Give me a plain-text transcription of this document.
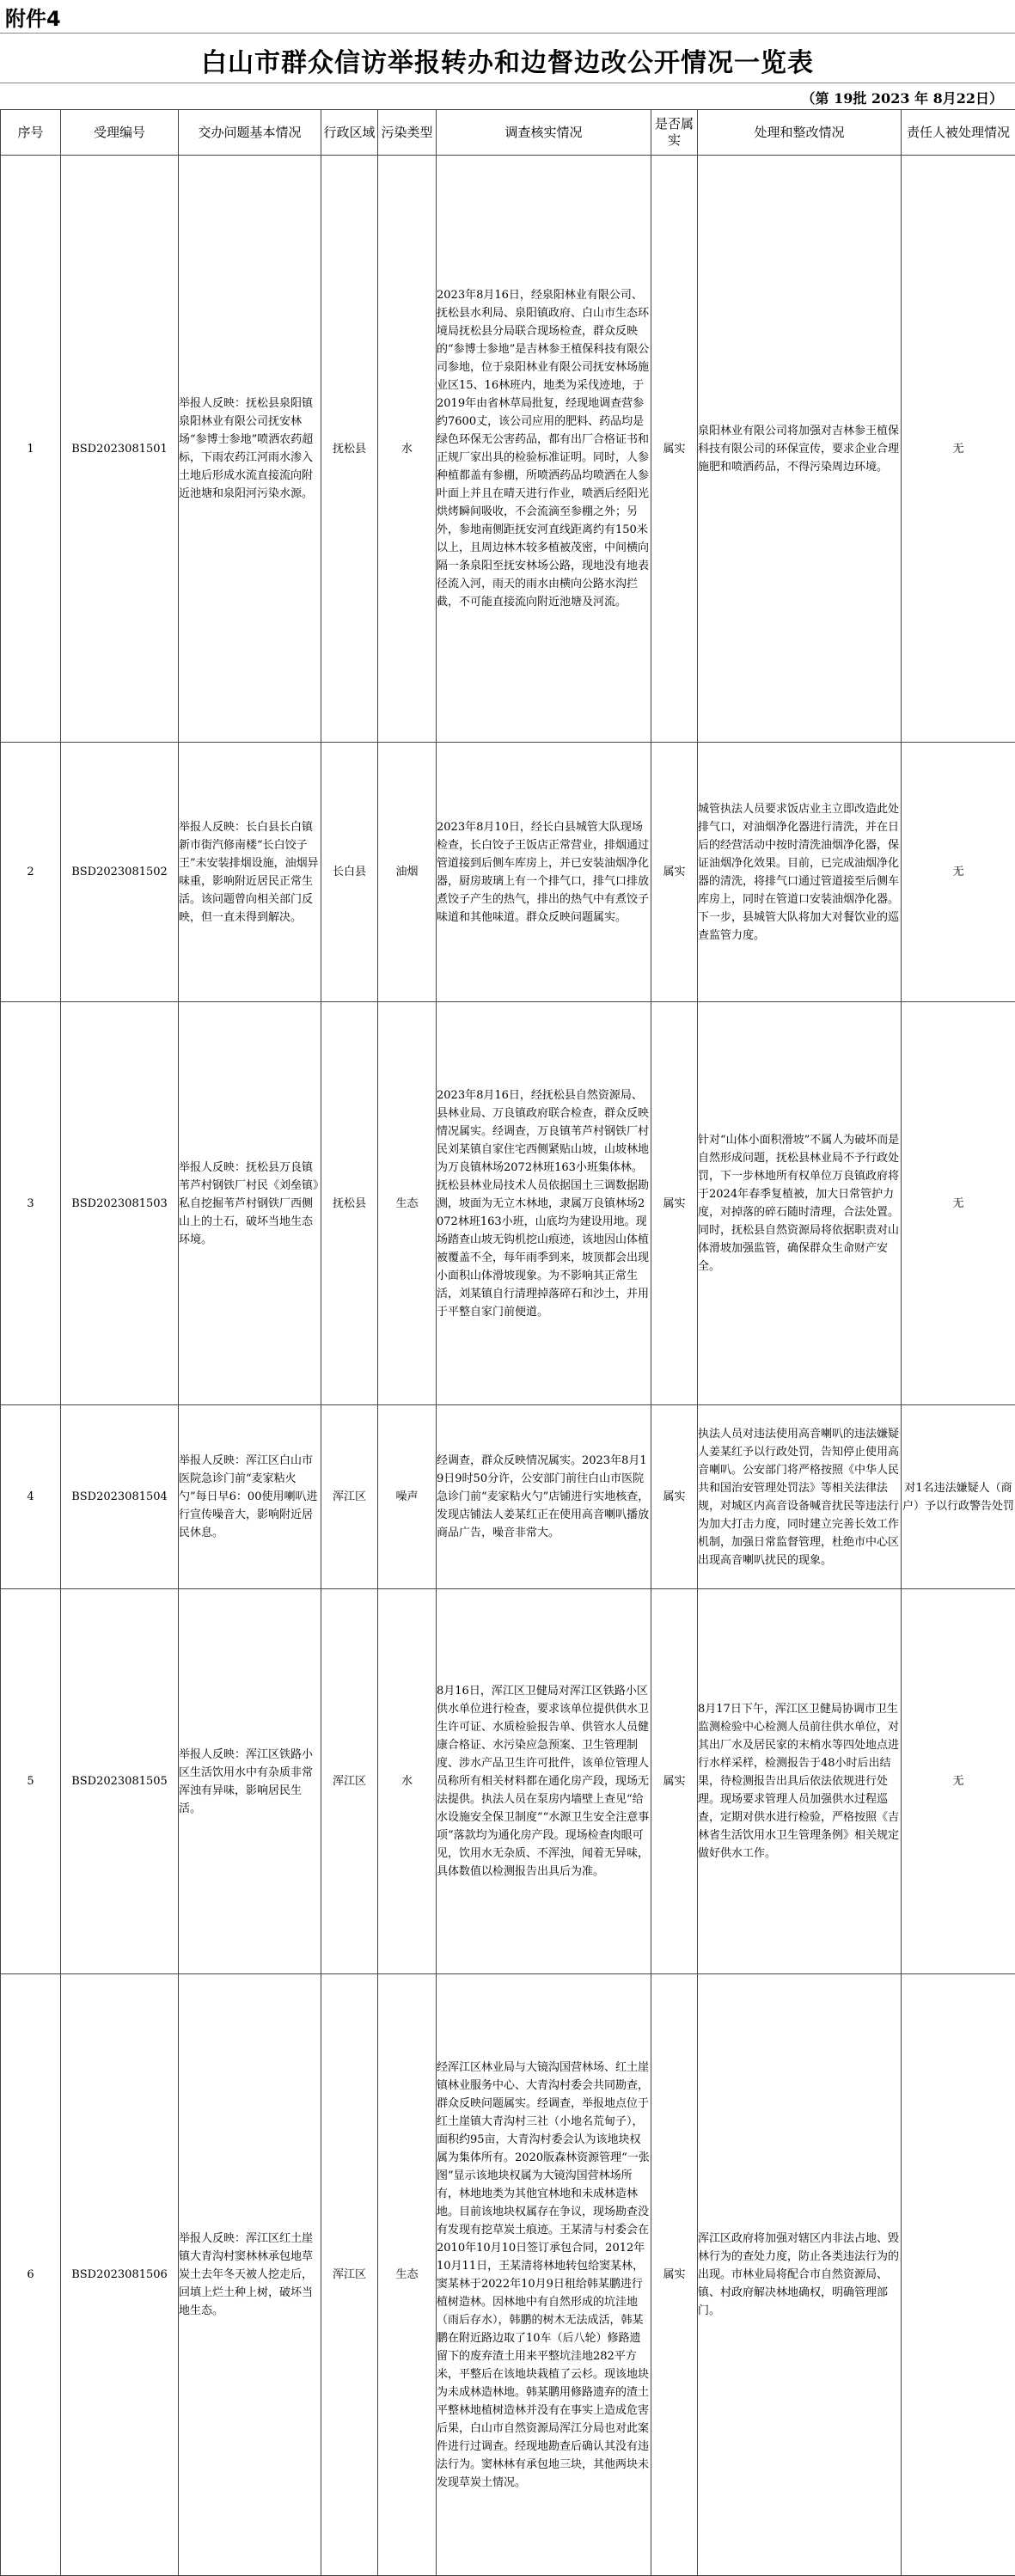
附件4
白山市群众信访举报转办和边督边改公开情况一览表
（第 19批 2023 年 8月22日）
序号	受理编号	交办问题基本情况	行政区域	污染类型	调查核实情况	是否属实	处理和整改情况	责任人被处理情况
1	BSD2023081501	举报人反映：抚松县泉阳镇泉阳林业有限公司抚安林场“参博士参地”喷洒农药超标，下雨农药江河雨水渗入土地后形成水流直接流向附近池塘和泉阳河污染水源。	抚松县	水	2023年8月16日，经泉阳林业有限公司、抚松县水利局、泉阳镇政府、白山市生态环境局抚松县分局联合现场检查，群众反映的“参博士参地”是吉林参王植保科技有限公司参地，位于泉阳林业有限公司抚安林场施业区15、16林班内，地类为采伐迹地，于2019年由省林草局批复，经现地调查营参约7600丈，该公司应用的肥料、药品均是绿色环保无公害药品，都有出厂合格证书和正规厂家出具的检验标准证明。同时，人参种植都盖有参棚，所喷洒药品均喷洒在人参叶面上并且在晴天进行作业，喷洒后经阳光烘烤瞬间吸收，不会流滴至参棚之外；另外，参地南侧距抚安河直线距离约有150米以上，且周边林木较多植被茂密，中间横向隔一条泉阳至抚安林场公路，现地没有地表径流入河，雨天的雨水由横向公路水沟拦截，不可能直接流向附近池塘及河流。	属实	泉阳林业有限公司将加强对吉林参王植保科技有限公司的环保宣传，要求企业合理施肥和喷洒药品，不得污染周边环境。	无
2	BSD2023081502	举报人反映：长白县长白镇新市街汽修南楼“长白饺子王”未安装排烟设施，油烟异味重，影响附近居民正常生活。该问题曾向相关部门反映，但一直未得到解决。	长白县	油烟	2023年8月10日，经长白县城管大队现场检查，长白饺子王饭店正常营业，排烟通过管道接到后侧车库房上，并已安装油烟净化器，厨房玻璃上有一个排气口，排气口排放煮饺子产生的热气，排出的热气中有煮饺子味道和其他味道。群众反映问题属实。	属实	城管执法人员要求饭店业主立即改造此处排气口，对油烟净化器进行清洗，并在日后的经营活动中按时清洗油烟净化器，保证油烟净化效果。目前，已完成油烟净化器的清洗，将排气口通过管道接至后侧车库房上，同时在管道口安装油烟净化器。下一步，县城管大队将加大对餐饮业的巡查监管力度。	无
3	BSD2023081503	举报人反映：抚松县万良镇苇芦村钢铁厂村民《刘垒镇》私自挖掘苇芦村钢铁厂西侧山上的土石，破坏当地生态环境。	抚松县	生态	2023年8月16日，经抚松县自然资源局、县林业局、万良镇政府联合检查，群众反映情况属实。经调查，万良镇苇芦村钢铁厂村民刘某镇自家住宅西侧紧贴山坡，山坡林地为万良镇林场2072林班163小班集体林。抚松县林业局技术人员依据国土三调数据勘测，坡面为无立木林地，隶属万良镇林场2072林班163小班，山底均为建设用地。现场踏查山坡无钩机挖山痕迹，该地因山体植被覆盖不全，每年雨季到来，坡顶都会出现小面积山体滑坡现象。为不影响其正常生活，刘某镇自行清理掉落碎石和沙土，并用于平整自家门前便道。	属实	针对“山体小面积滑坡”不属人为破坏而是自然形成问题，抚松县林业局不予行政处罚，下一步林地所有权单位万良镇政府将于2024年春季复植被，加大日常管护力度，对掉落的碎石随时清理，合法处置。同时，抚松县自然资源局将依据职责对山体滑坡加强监管，确保群众生命财产安全。	无
4	BSD2023081504	举报人反映：浑江区白山市医院急诊门前“麦家粘火勺”每日早6：00使用喇叭进行宣传噪音大，影响附近居民休息。	浑江区	噪声	经调查，群众反映情况属实。2023年8月19日9时50分许，公安部门前往白山市医院急诊门前“麦家粘火勺”店铺进行实地核查，发现店铺法人姜某红正在使用高音喇叭播放商品广告，噪音非常大。	属实	执法人员对违法使用高音喇叭的违法嫌疑人姜某红予以行政处罚，告知停止使用高音喇叭。公安部门将严格按照《中华人民共和国治安管理处罚法》等相关法律法规，对城区内高音设备喊音扰民等违法行为加大打击力度，同时建立完善长效工作机制，加强日常监督管理，杜绝市中心区出现高音喇叭扰民的现象。	对1名违法嫌疑人（商户）予以行政警告处罚
5	BSD2023081505	举报人反映：浑江区铁路小区生活饮用水中有杂质非常浑浊有异味，影响居民生活。	浑江区	水	8月16日，浑江区卫健局对浑江区铁路小区供水单位进行检查，要求该单位提供供水卫生许可证、水质检验报告单、供管水人员健康合格证、水污染应急预案、卫生管理制度、涉水产品卫生许可批件，该单位管理人员称所有相关材料都在通化房产段，现场无法提供。执法人员在泵房内墙壁上查见“给水设施安全保卫制度”“水源卫生安全注意事项”落款均为通化房产段。现场检查肉眼可见，饮用水无杂质、不浑浊，闻着无异味，具体数值以检测报告出具后为准。	属实	8月17日下午，浑江区卫健局协调市卫生监测检验中心检测人员前往供水单位，对其出厂水及居民家的末梢水等四处地点进行水样采样，检测报告于48小时后出结果，待检测报告出具后依法依规进行处理。现场要求管理人员加强供水过程巡查，定期对供水进行检验，严格按照《吉林省生活饮用水卫生管理条例》相关规定做好供水工作。	无
6	BSD2023081506	举报人反映：浑江区红土崖镇大青沟村窦林林承包地草炭土去年冬天被人挖走后，回填上烂土种上树，破坏当地生态。	浑江区	生态	经浑江区林业局与大镜沟国营林场、红土崖镇林业服务中心、大青沟村委会共同勘查，群众反映问题属实。经调查，举报地点位于红土崖镇大青沟村三社（小地名荒甸子），面积约95亩，大青沟村委会认为该地块权属为集体所有。2020版森林资源管理“一张图”显示该地块权属为大镜沟国营林场所有，林地地类为其他宜林地和未成林造林地。目前该地块权属存在争议，现场勘查没有发现有挖草炭土痕迹。王某清与村委会在2010年10月10日签订承包合同，2012年10月11日，王某清将林地转包给窦某林，窦某林于2022年10月9日租给韩某鹏进行植树造林。因林地中有自然形成的坑洼地（雨后存水），韩鹏的树木无法成活，韩某鹏在附近路边取了10车（后八轮）修路遗留下的废弃渣土用来平整坑洼地282平方米，平整后在该地块栽植了云杉。现该地块为未成林造林地。韩某鹏用修路遗弃的渣土平整林地植树造林并没有在事实上造成危害后果，白山市自然资源局浑江分局也对此案件进行过调查。经现地勘查后确认其没有违法行为。窦林林有承包地三块，其他两块未发现草炭土情况。	属实	浑江区政府将加强对辖区内非法占地、毁林行为的查处力度，防止各类违法行为的出现。市林业局将配合市自然资源局、镇、村政府解决林地确权，明确管理部门。	
